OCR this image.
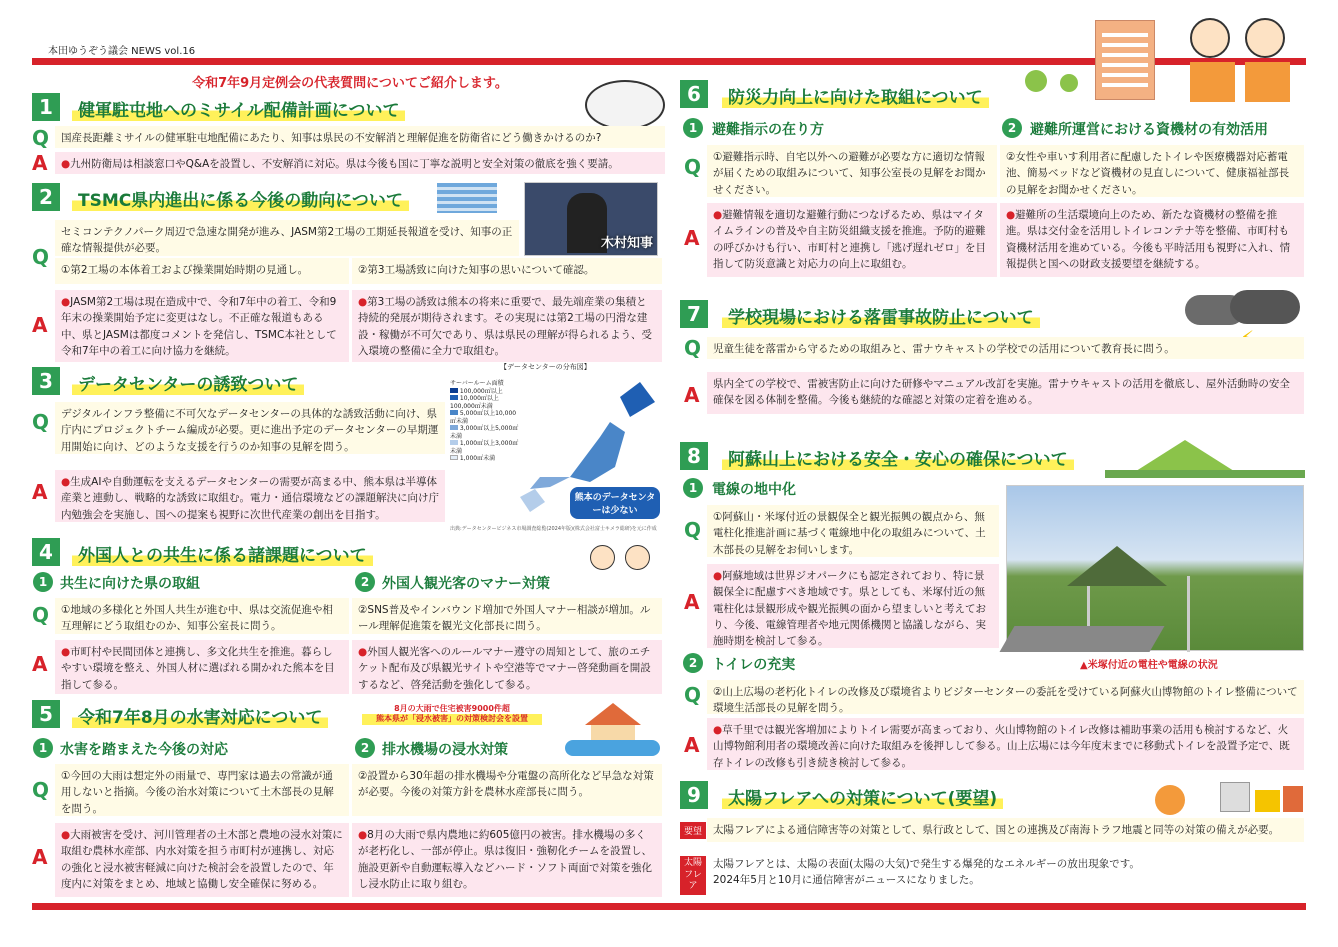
本田ゆうぞう議会 NEWS vol.16
令和7年9月定例会の代表質問についてご紹介します。
1	健軍駐屯地へのミサイル配備計画について
Q	国産長距離ミサイルの健軍駐屯地配備にあたり、知事は県民の不安解消と理解促進を防衛省にどう働きかけるのか?
A	●九州防衛局は相談窓口やQ&Aを設置し、不安解消に対応。県は今後も国に丁寧な説明と安全対策の徹底を強く要請。
2	TSMC県内進出に係る今後の動向について
木村知事
Q
セミコンテクノパーク周辺で急速な開発が進み、JASM第2工場の工期延長報道を受け、知事の正確な情報提供が必要。
①第2工場の本体着工および操業開始時期の見通し。	②第3工場誘致に向けた知事の思いについて確認。
A
●JASM第2工場は現在造成中で、令和7年中の着工、令和9年末の操業開始予定に変更はなし。不正確な報道もある中、県とJASMは都度コメントを発信し、TSMC本社として令和7年中の着工に向け協力を継続。
●第3工場の誘致は熊本の将来に重要で、最先端産業の集積と持続的発展が期待されます。その実現には第2工場の円滑な建設・稼働が不可欠であり、県は県民の理解が得られるよう、受入環境の整備に全力で取組む。
3	データセンターの誘致ついて
Q	デジタルインフラ整備に不可欠なデータセンターの具体的な誘致活動に向け、県庁内にプロジェクトチーム編成が必要。更に進出予定のデータセンターの早期運用開始に向け、どのような支援を行うのか知事の見解を問う。
A	●生成AIや自動運転を支えるデータセンターの需要が高まる中、熊本県は半導体産業と連動し、戦略的な誘致に取組む。電力・通信環境などの課題解決に向け庁内勉強会を実施し、国への提案も視野に次世代産業の創出を目指す。
【データセンターの分布図】
サーバールーム面積
100,000㎡以上
10,000㎡以上100,000㎡未満
5,000㎡以上10,000㎡未満
3,000㎡以上5,000㎡未満
1,000㎡以上3,000㎡未満
1,000㎡未満
熊本のデータセンターは少ない
出典:データセンタービジネス市場調査総覧(2024年版)(株式会社富士キメラ総研)を元に作成
4	外国人との共生に係る諸課題について
1 共生に向けた県の取組	2 外国人観光客のマナー対策
Q	①地域の多様化と外国人共生が進む中、県は交流促進や相互理解にどう取組むのか、知事公室長に問う。
②SNS普及やインバウンド増加で外国人マナー相談が増加。ルール理解促進策を観光文化部長に問う。
A	●市町村や民間団体と連携し、多文化共生を推進。暮らしやすい環境を整え、外国人材に選ばれる開かれた熊本を目指して参る。
●外国人観光客へのルールマナー遵守の周知として、旅のエチケット配布及び県観光サイトや空港等でマナー啓発動画を開設するなど、啓発活動を強化して参る。
5	令和7年8月の水害対応について	8月の大雨で住宅被害9000件超
熊本県が「浸水被害」の対策検討会を設置
1 水害を踏まえた今後の対応	2 排水機場の浸水対策
Q
①今回の大雨は想定外の雨量で、専門家は過去の常識が通用しないと指摘。今後の治水対策について土木部長の見解を問う。
②設置から30年超の排水機場や分電盤の高所化など早急な対策が必要。今後の対策方針を農林水産部長に問う。
A
●大雨被害を受け、河川管理者の土木部と農地の浸水対策に取組む農林水産部、内水対策を担う市町村が連携し、対応の強化と浸水被害軽減に向けた検討会を設置したので、年度内に対策をまとめ、地域と協働し安全確保に努める。
●8月の大雨で県内農地に約605億円の被害。排水機場の多くが老朽化し、一部が停止。県は復旧・強靭化チームを設置し、施設更新や自動運転導入などハード・ソフト両面で対策を強化し浸水防止に取り組む。
6	防災力向上に向けた取組について
1	避難指示の在り方	2 避難所運営における資機材の有効活用
Q	①避難指示時、自宅以外への避難が必要な方に適切な情報が届くための取組みについて、知事公室長の見解をお聞かせください。
②女性や車いす利用者に配慮したトイレや医療機器対応蓄電池、簡易ベッドなど資機材の見直しについて、健康福祉部長の見解をお聞かせください。
A
●避難情報を適切な避難行動につなげるため、県はマイタイムラインの普及や自主防災組織支援を推進。予防的避難の呼びかけも行い、市町村と連携し「逃げ遅れゼロ」を目指して防災意識と対応力の向上に取組む。
●避難所の生活環境向上のため、新たな資機材の整備を推進。県は交付金を活用しトイレコンテナ等を整備、市町村も資機材活用を進めている。今後も平時活用も視野に入れ、情報提供と国への財政支援要望を継続する。
7	学校現場における落雷事故防止について
Q	児童生徒を落雷から守るための取組みと、雷ナウキャストの学校での活用について教育長に問う。
A	県内全ての学校で、雷被害防止に向けた研修やマニュアル改訂を実施。雷ナウキャストの活用を徹底し、屋外活動時の安全確保を図る体制を整備。今後も継続的な確認と対策の定着を進める。
8	阿蘇山上における安全・安心の確保について
1	電線の地中化
Q
①阿蘇山・米塚付近の景観保全と観光振興の観点から、無電柱化推進計画に基づく電線地中化の取組みについて、土木部長の見解をお伺いします。
A
●阿蘇地域は世界ジオパークにも認定されており、特に景観保全に配慮すべき地域です。県としても、米塚付近の無電柱化は景観形成や観光振興の面から望ましいと考えており、今後、電線管理者や地元関係機関と協議しながら、実施時期を検討して参る。
▲米塚付近の電柱や電線の状況
2	トイレの充実
Q	②山上広場の老朽化トイレの改修及び環境省よりビジターセンターの委託を受けている阿蘇火山博物館のトイレ整備について環境生活部長の見解を問う。
A
●草千里では観光客増加によりトイレ需要が高まっており、火山博物館のトイレ改修は補助事業の活用も検討するなど、火山博物館利用者の環境改善に向けた取組みを後押しして参る。山上広場には今年度末までに移動式トイレを設置予定で、既存トイレの改修も引き続き検討して参る。
9	太陽フレアへの対策について(要望)
要望	太陽フレアによる通信障害等の対策として、県行政として、国との連携及び南海トラフ地震と同等の対策の備えが必要。
太陽
フレア
太陽フレアとは、太陽の表面(太陽の大気)で発生する爆発的なエネルギーの放出現象です。
2024年5月と10月に通信障害がニュースになりました。
